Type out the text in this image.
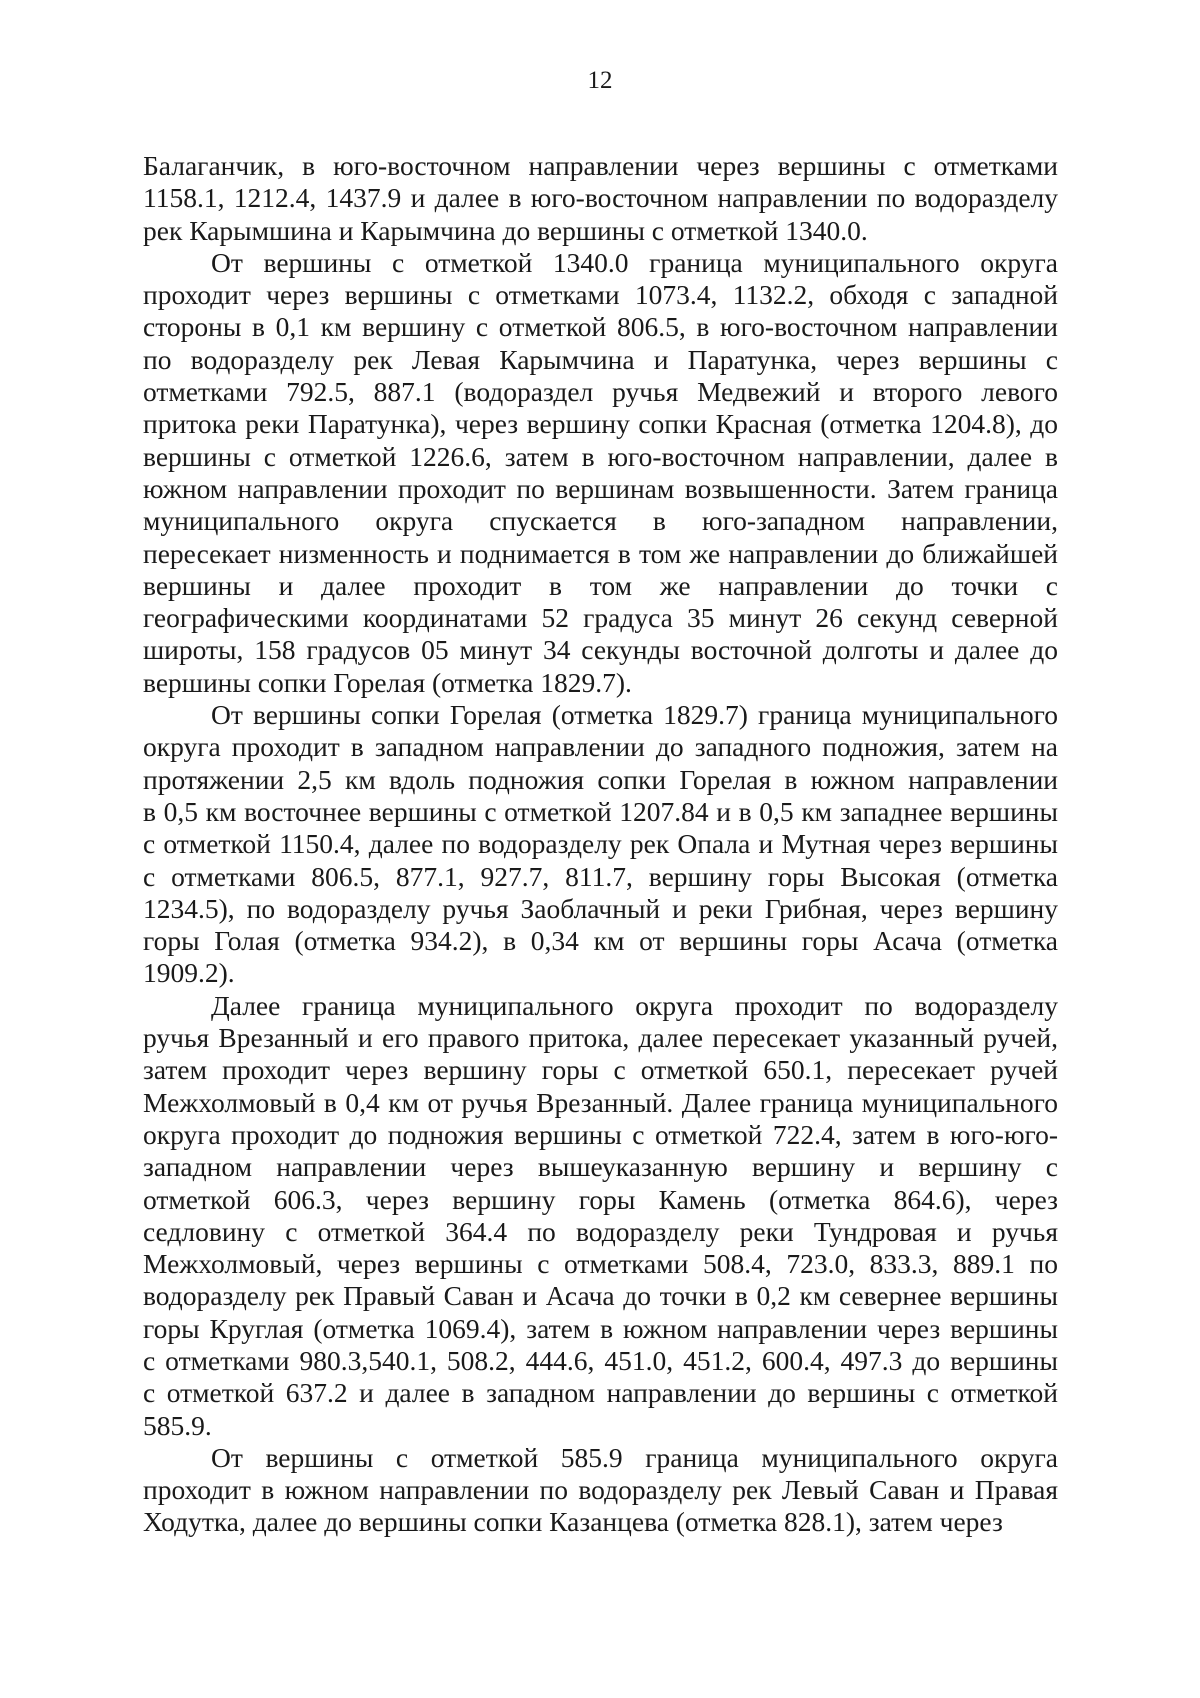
12
Балаганчик, в юго-восточном направлении через вершины с отметками
1158.1, 1212.4, 1437.9 и далее в юго-восточном направлении по водоразделу
рек Карымшина и Карымчина до вершины с отметкой 1340.0.
От вершины с отметкой 1340.0 граница муниципального округа
проходит через вершины с отметками 1073.4, 1132.2, обходя с западной
стороны в 0,1 км вершину с отметкой 806.5, в юго-восточном направлении
по водоразделу рек Левая Карымчина и Паратунка, через вершины с
отметками 792.5, 887.1 (водораздел ручья Медвежий и второго левого
притока реки Паратунка), через вершину сопки Красная (отметка 1204.8), до
вершины с отметкой 1226.6, затем в юго-восточном направлении, далее в
южном направлении проходит по вершинам возвышенности. Затем граница
муниципального округа спускается в юго-западном направлении,
пересекает низменность и поднимается в том же направлении до ближайшей
вершины и далее проходит в том же направлении до точки с
географическими координатами 52 градуса 35 минут 26 секунд северной
широты, 158 градусов 05 минут 34 секунды восточной долготы и далее до
вершины сопки Горелая (отметка 1829.7).
От вершины сопки Горелая (отметка 1829.7) граница муниципального
округа проходит в западном направлении до западного подножия, затем на
протяжении 2,5 км вдоль подножия сопки Горелая в южном направлении
в 0,5 км восточнее вершины с отметкой 1207.84 и в 0,5 км западнее вершины
с отметкой 1150.4, далее по водоразделу рек Опала и Мутная через вершины
с отметками 806.5, 877.1, 927.7, 811.7, вершину горы Высокая (отметка
1234.5), по водоразделу ручья Заоблачный и реки Грибная, через вершину
горы Голая (отметка 934.2), в 0,34 км от вершины горы Асача (отметка
1909.2).
Далее граница муниципального округа проходит по водоразделу
ручья Врезанный и его правого притока, далее пересекает указанный ручей,
затем проходит через вершину горы с отметкой 650.1, пересекает ручей
Межхолмовый в 0,4 км от ручья Врезанный. Далее граница муниципального
округа проходит до подножия вершины с отметкой 722.4, затем в юго-юго-
западном направлении через вышеуказанную вершину и вершину с
отметкой 606.3, через вершину горы Камень (отметка 864.6), через
седловину с отметкой 364.4 по водоразделу реки Тундровая и ручья
Межхолмовый, через вершины с отметками 508.4, 723.0, 833.3, 889.1 по
водоразделу рек Правый Саван и Асача до точки в 0,2 км севернее вершины
горы Круглая (отметка 1069.4), затем в южном направлении через вершины
с отметками 980.3,540.1, 508.2, 444.6, 451.0, 451.2, 600.4, 497.3 до вершины
с отметкой 637.2 и далее в западном направлении до вершины с отметкой
585.9.
От вершины с отметкой 585.9 граница муниципального округа
проходит в южном направлении по водоразделу рек Левый Саван и Правая
Ходутка, далее до вершины сопки Казанцева (отметка 828.1), затем через
